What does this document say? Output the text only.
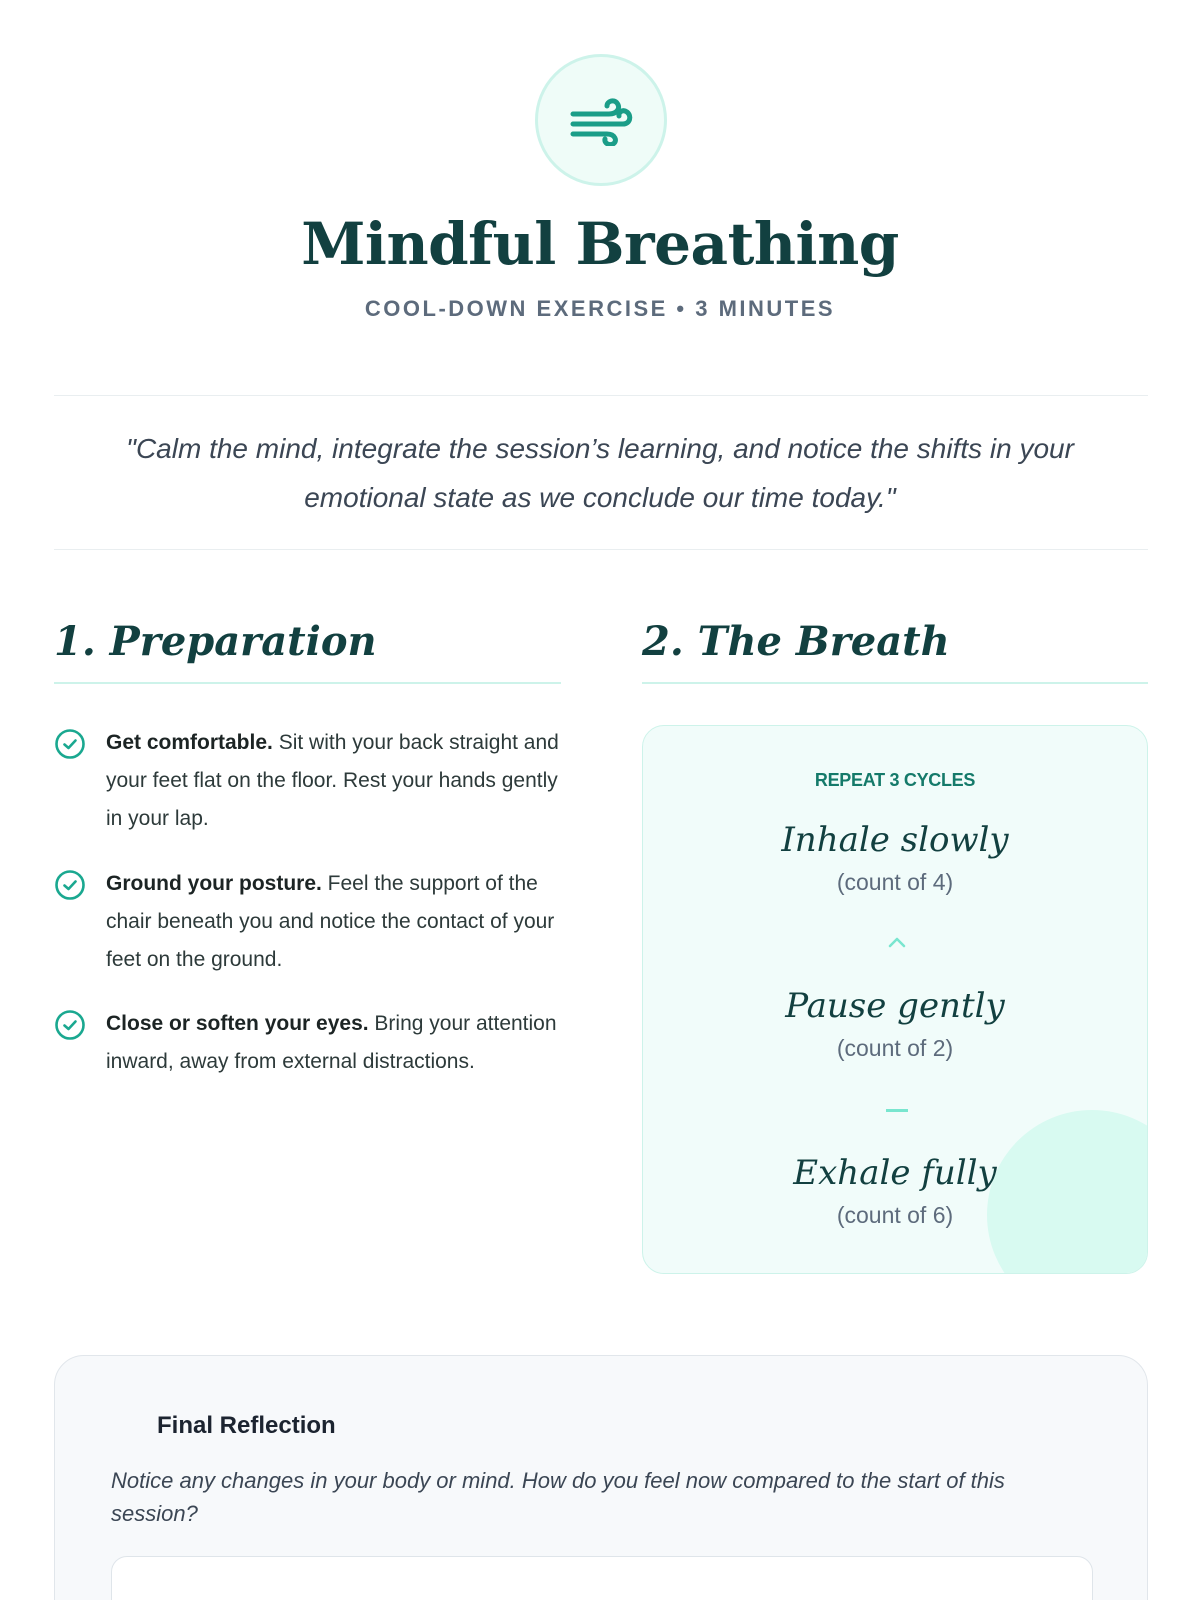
Mindful Breathing
COOL-DOWN EXERCISE • 3 MINUTES

"Calm the mind, integrate the session’s learning, and notice the shifts in your emotional state as we conclude our time today."

1. Preparation

Get comfortable. Sit with your back straight and your feet flat on the floor. Rest your hands gently in your lap.

Ground your posture. Feel the support of the chair beneath you and notice the contact of your feet on the ground.

Close or soften your eyes. Bring your attention inward, away from external distractions.

2. The Breath
REPEAT 3 CYCLES
Inhale slowly
(count of 4)
Pause gently
(count of 2)
Exhale fully
(count of 6)
Final Reflection

Notice any changes in your body or mind. How do you feel now compared to the start of this session?
